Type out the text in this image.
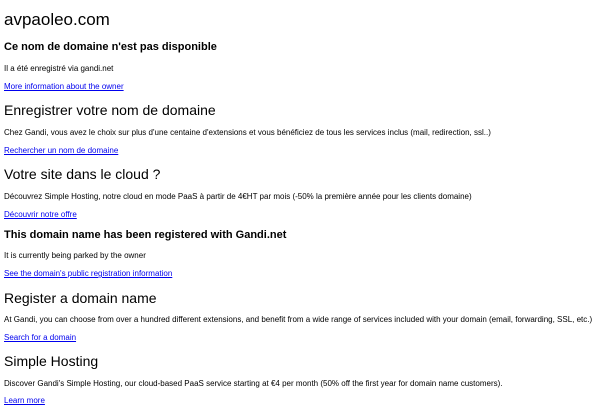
avpaoleo.com
Ce nom de domaine n'est pas disponible
Il a été enregistré via gandi.net
More information about the owner
Enregistrer votre nom de domaine
Chez Gandi, vous avez le choix sur plus d'une centaine d'extensions et vous bénéficiez de tous les services inclus (mail, redirection, ssl..)
Rechercher un nom de domaine
Votre site dans le cloud ?
Découvrez Simple Hosting, notre cloud en mode PaaS à partir de 4€HT par mois (-50% la première année pour les clients domaine)
Découvrir notre offre
This domain name has been registered with Gandi.net
It is currently being parked by the owner
See the domain's public registration information
Register a domain name
At Gandi, you can choose from over a hundred different extensions, and benefit from a wide range of services included with your domain (email, forwarding, SSL, etc.)
Search for a domain
Simple Hosting
Discover Gandi's Simple Hosting, our cloud-based PaaS service starting at €4 per month (50% off the first year for domain name customers).
Learn more
